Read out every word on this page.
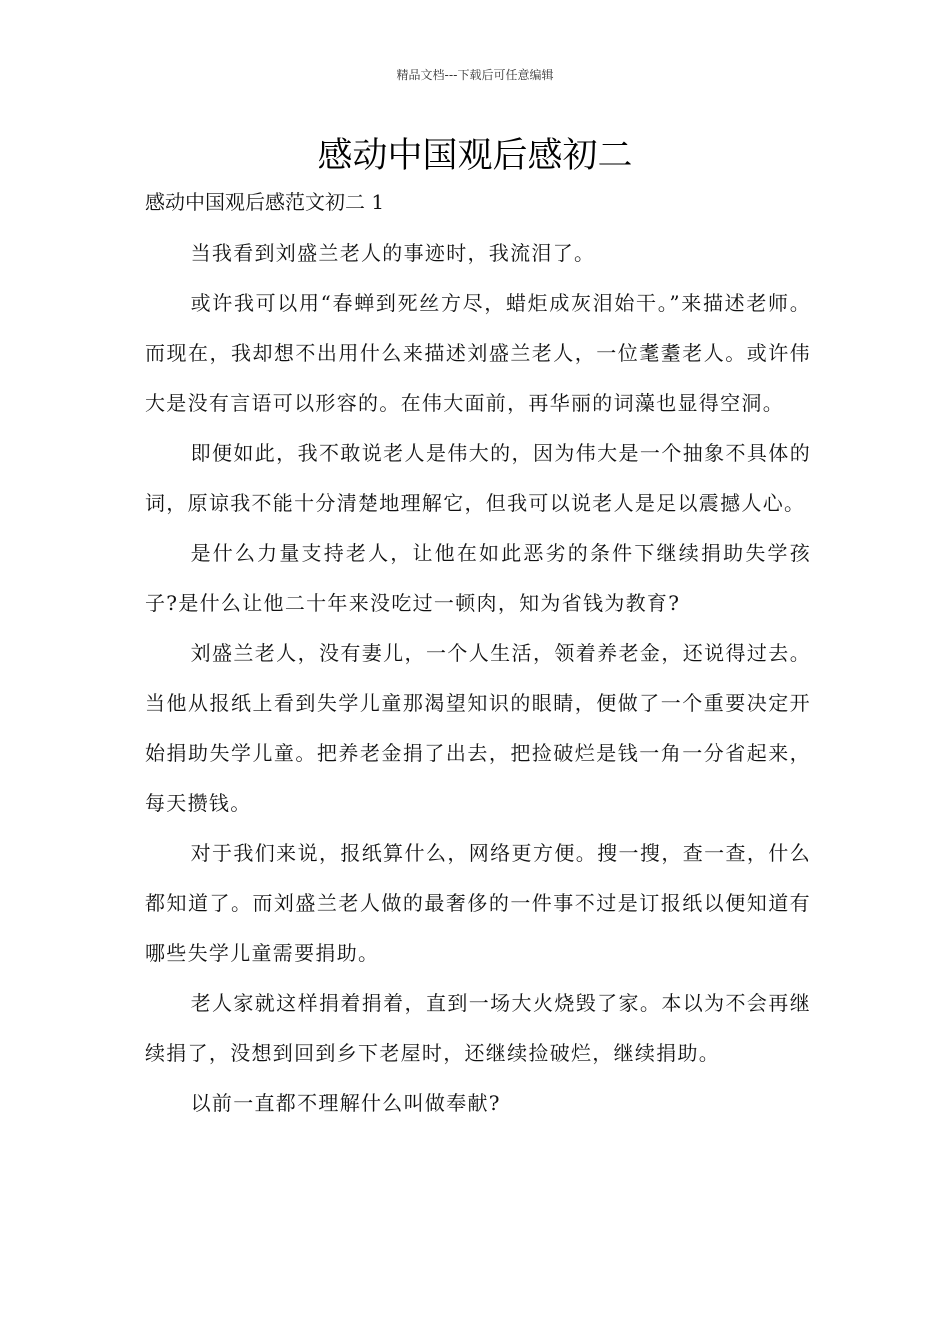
精品文档---下载后可任意编辑
感动中国观后感初二

感动中国观后感范文初二 1

当我看到刘盛兰老人的事迹时，我流泪了。

或许我可以用“春蝉到死丝方尽，蜡炬成灰泪始干。”来描述老师。而现在，我却想不出用什么来描述刘盛兰老人，一位耄耋老人。或许伟大是没有言语可以形容的。在伟大面前，再华丽的词藻也显得空洞。

即便如此，我不敢说老人是伟大的，因为伟大是一个抽象不具体的词，原谅我不能十分清楚地理解它，但我可以说老人是足以震撼人心。

是什么力量支持老人，让他在如此恶劣的条件下继续捐助失学孩子?是什么让他二十年来没吃过一顿肉，知为省钱为教育?

刘盛兰老人，没有妻儿，一个人生活，领着养老金，还说得过去。当他从报纸上看到失学儿童那渴望知识的眼睛，便做了一个重要决定开始捐助失学儿童。把养老金捐了出去，把捡破烂是钱一角一分省起来，每天攒钱。

对于我们来说，报纸算什么，网络更方便。搜一搜，查一查，什么都知道了。而刘盛兰老人做的最奢侈的一件事不过是订报纸以便知道有哪些失学儿童需要捐助。

老人家就这样捐着捐着，直到一场大火烧毁了家。本以为不会再继续捐了，没想到回到乡下老屋时，还继续捡破烂，继续捐助。

以前一直都不理解什么叫做奉献?
